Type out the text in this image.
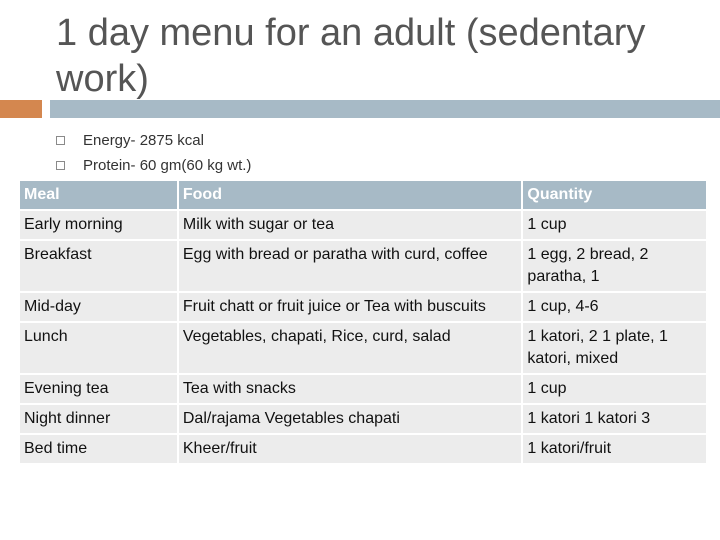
1 day menu for an adult (sedentary work)
Energy- 2875 kcal
Protein- 60 gm(60 kg wt.)
Meal	Food	Quantity
Early morning	Milk with sugar or tea	1 cup
Breakfast	Egg with bread or paratha with curd, coffee	1 egg, 2 bread, 2 paratha, 1
Mid-day	Fruit chatt or fruit juice or Tea with buscuits	1 cup, 4-6
Lunch	Vegetables, chapati, Rice, curd, salad	1 katori, 2 1 plate, 1 katori, mixed
Evening tea	Tea with snacks	1 cup
Night dinner	Dal/rajama Vegetables chapati	1 katori 1 katori 3
Bed time	Kheer/fruit	1 katori/fruit
